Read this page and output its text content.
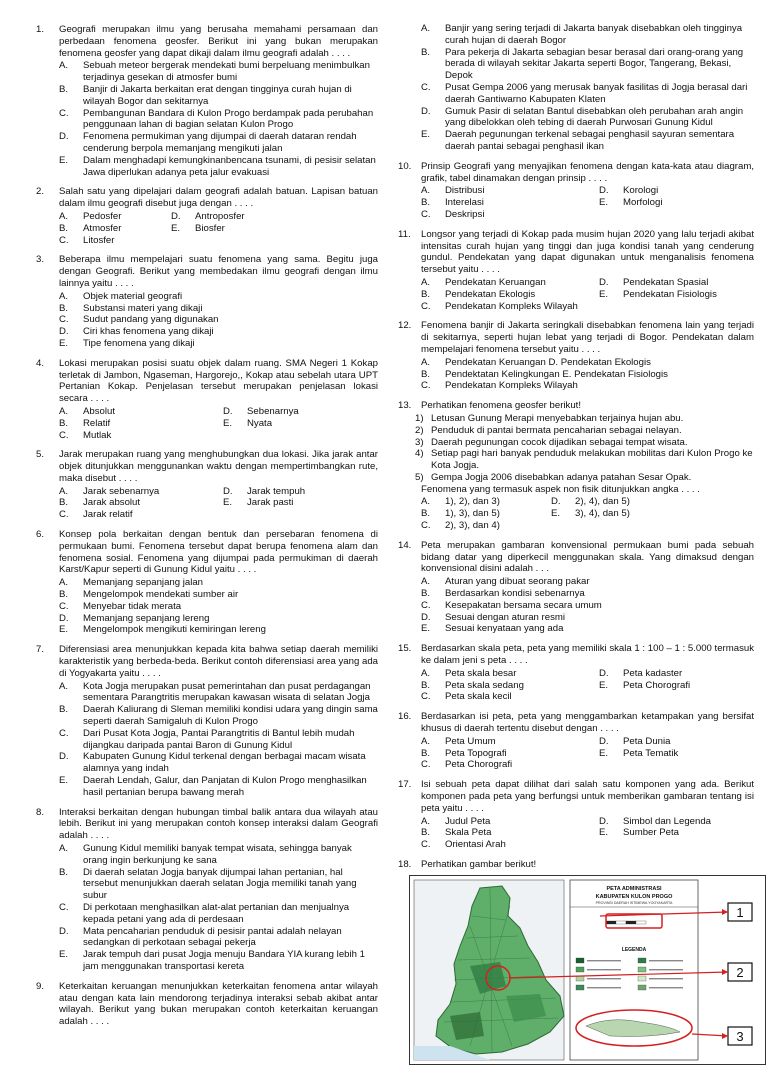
1.	Geografi merupakan ilmu yang berusaha memahami persamaan dan perbedaan fenomena geosfer. Berikut ini yang bukan merupakan fenomena geosfer yang dapat dikaji dalam ilmu geografi adalah . . . .
A. Sebuah meteor bergerak mendekati bumi berpeluang menimbulkan terjadinya gesekan di atmosfer bumi
B. Banjir di Jakarta berkaitan erat dengan tingginya curah hujan di wilayah Bogor dan sekitarnya
C. Pembangunan Bandara di Kulon Progo berdampak pada perubahan penggunaan lahan di bagian selatan Kulon Progo
D. Fenomena permukiman yang dijumpai di daerah dataran rendah cenderung berpola memanjang mengikuti jalan
E. Dalam menghadapi kemungkinanbencana tsunami, di pesisir selatan Jawa diperlukan adanya peta jalur evakuasi
2.	Salah satu yang dipelajari dalam geografi adalah batuan. Lapisan batuan dalam ilmu geografi disebut juga dengan . . . .
A. Pedosfer	D. Antroposfer
B. Atmosfer	E. Biosfer
C. Litosfer
3.	Beberapa ilmu mempelajari suatu fenomena yang sama. Begitu juga dengan Geografi. Berikut yang membedakan ilmu geografi dengan ilmu lainnya yaitu . . . .
A. Objek material geografi
B. Substansi materi yang dikaji
C. Sudut pandang yang digunakan
D. Ciri khas fenomena yang dikaji
E. Tipe fenomena yang dikaji
4.	Lokasi merupakan posisi suatu objek dalam ruang. SMA Negeri 1 Kokap terletak di Jambon, Ngaseman, Hargorejo,, Kokap atau sebelah utara UPT Pertanian Kokap. Penjelasan tersebut merupakan penjelasan lokasi secara . . . .
A. Absolut	D. Sebenarnya
B. Relatif	E. Nyata
C. Mutlak
5.	Jarak merupakan ruang yang menghubungkan dua lokasi. Jika jarak antar objek ditunjukkan menggunankan waktu dengan mempertimbangkan rute, maka disebut . . . .
A. Jarak sebenarnya	D. Jarak tempuh
B. Jarak absolut	E. Jarak pasti
C. Jarak relatif
6.	Konsep pola berkaitan dengan bentuk dan persebaran fenomena di permukaan bumi. Fenomena tersebut dapat berupa fenomena alam dan fenomena sosial. Fenomena yang dijumpai pada permukiman di daerah Karst/Kapur seperti di Gunung Kidul yaitu . . . .
A. Memanjang sepanjang jalan
B. Mengelompok mendekati sumber air
C. Menyebar tidak merata
D. Memanjang sepanjang lereng
E. Mengelompok mengikuti kemiringan lereng
7.	Diferensiasi area menunjukkan kepada kita bahwa setiap daerah memiliki karakteristik yang berbeda-beda. Berikut contoh diferensiasi area yang ada di Yogyakarta yaitu . . . .
A. Kota Jogja merupakan pusat pemerintahan dan pusat perdagangan sementara Parangtritis merupakan kawasan wisata di selatan Jogja
B. Daerah Kaliurang di Sleman memiliki kondisi udara yang dingin sama seperti daerah Samigaluh di Kulon Progo
C. Dari Pusat Kota Jogja, Pantai Parangtritis di Bantul lebih mudah dijangkau daripada pantai Baron di Gunung Kidul
D. Kabupaten Gunung Kidul terkenal dengan berbagai macam wisata alamnya yang indah
E. Daerah Lendah, Galur, dan Panjatan di Kulon Progo menghasilkan hasil pertanian berupa bawang merah
8.	Interaksi berkaitan dengan hubungan timbal balik antara dua wilayah atau lebih. Berikut ini yang merupakan contoh konsep interaksi dalam Geografi adalah . . . .
A. Gunung Kidul memiliki banyak tempat wisata, sehingga banyak orang ingin berkunjung ke sana
B. Di daerah selatan Jogja banyak dijumpai lahan pertanian, hal tersebut menunjukkan daerah selatan Jogja memiliki tanah yang subur
C. Di perkotaan menghasilkan alat-alat pertanian dan menjualnya kepada petani yang ada di perdesaan
D. Mata pencaharian penduduk di pesisir pantai adalah nelayan sedangkan di perkotaan sebagai pekerja
E. Jarak tempuh dari pusat Jogja menuju Bandara YIA kurang lebih 1 jam menggunakan transportasi kereta
9.	Keterkaitan keruangan menunjukkan keterkaitan fenomena antar wilayah atau dengan kata lain mendorong terjadinya interaksi sebab akibat antar wilayah. Berikut yang bukan merupakan contoh keterkaitan keruangan adalah . . . .
A. Banjir yang sering terjadi di Jakarta banyak disebabkan oleh tingginya curah hujan di daerah Bogor
B. Para pekerja di Jakarta sebagian besar berasal dari orang-orang yang berada di wilayah sekitar Jakarta seperti Bogor, Tangerang, Bekasi, Depok
C. Pusat Gempa 2006 yang merusak banyak fasilitas di Jogja berasal dari daerah Gantiwarno Kabupaten Klaten
D. Gumuk Pasir di selatan Bantul disebabkan oleh perubahan arah angin yang dibelokkan oleh tebing di daerah Purwosari Gunung Kidul
E. Daerah pegunungan terkenal sebagai penghasil sayuran sementara daerah pantai sebagai penghasil ikan
10.	Prinsip Geografi yang menyajikan fenomena dengan kata-kata atau diagram, grafik, tabel dinamakan dengan prinsip . . . .
A. Distribusi	D. Korologi
B. Interelasi	E. Morfologi
C. Deskripsi
11.	Longsor yang terjadi di Kokap pada musim hujan 2020 yang lalu terjadi akibat intensitas curah hujan yang tinggi dan juga kondisi tanah yang cenderung gundul. Pendekatan yang dapat digunakan untuk menganalisis fenomena tersebut yaitu . . . .
A. Pendekatan Keruangan	D. Pendekatan Spasial
B. Pendekatan Ekologis	E. Pendekatan Fisiologis
C. Pendekatan Kompleks Wilayah
12.	Fenomena banjir di Jakarta seringkali disebabkan fenomena lain yang terjadi di sekitarnya, seperti hujan lebat yang terjadi di Bogor. Pendekatan dalam mempelajari fenomena tersebut yaitu . . . .
A. Pendekatan Keruangan D. Pendekatan Ekologis
B. Pendektatan Kelingkungan E. Pendekatan Fisiologis
C. Pendekatan Kompleks Wilayah
13.	Perhatikan fenomena geosfer berikut!
1) Letusan Gunung Merapi menyebabkan terjainya hujan abu.
2) Penduduk di pantai bermata pencaharian sebagai nelayan.
3) Daerah pegunungan cocok dijadikan sebagai tempat wisata.
4) Setiap pagi hari banyak penduduk melakukan mobilitas dari Kulon Progo ke Kota Jogja.
5) Gempa Jogja 2006 disebabkan adanya patahan Sesar Opak.
Fenomena yang termasuk aspek non fisik ditunjukkan angka . . . .
A. 1), 2), dan 3)	D. 2), 4), dan 5)
B. 1), 3), dan 5)	E. 3), 4), dan 5)
C. 2), 3), dan 4)
14.	Peta merupakan gambaran konvensional permukaan bumi pada sebuah bidang datar yang diperkecil menggunakan skala. Yang dimaksud dengan konvensional disini adalah . . .
A. Aturan yang dibuat seorang pakar
B. Berdasarkan kondisi sebenarnya
C. Kesepakatan bersama secara umum
D. Sesuai dengan aturan resmi
E. Sesuai kenyataan yang ada
15.	Berdasarkan skala peta, peta yang memiliki skala 1 : 100 – 1 : 5.000 termasuk ke dalam jeni s peta . . . .
A. Peta skala besar	D. Peta kadaster
B. Peta skala sedang	E. Peta Chorografi
C. Peta skala kecil
16.	Berdasarkan isi peta, peta yang menggambarkan ketampakan yang bersifat khusus di daerah tertentu disebut dengan . . . .
A. Peta Umum	D. Peta Dunia
B. Peta Topografi	E. Peta Tematik
C. Peta Chorografi
17.	Isi sebuah peta dapat dilihat dari salah satu komponen yang ada. Berikut komponen pada peta yang berfungsi untuk memberikan gambaran tentang isi peta yaitu . . . .
A. Judul Peta	D. Simbol dan Legenda
B. Skala Peta	E. Sumber Peta
C. Orientasi Arah
18.	Perhatikan gambar berikut!
PETA ADMINISTRASI
KABUPATEN KULON PROGO
PROVINSI DAERAH ISTIMEWA YOGYAKARTA
LEGENDA
1
2
3
